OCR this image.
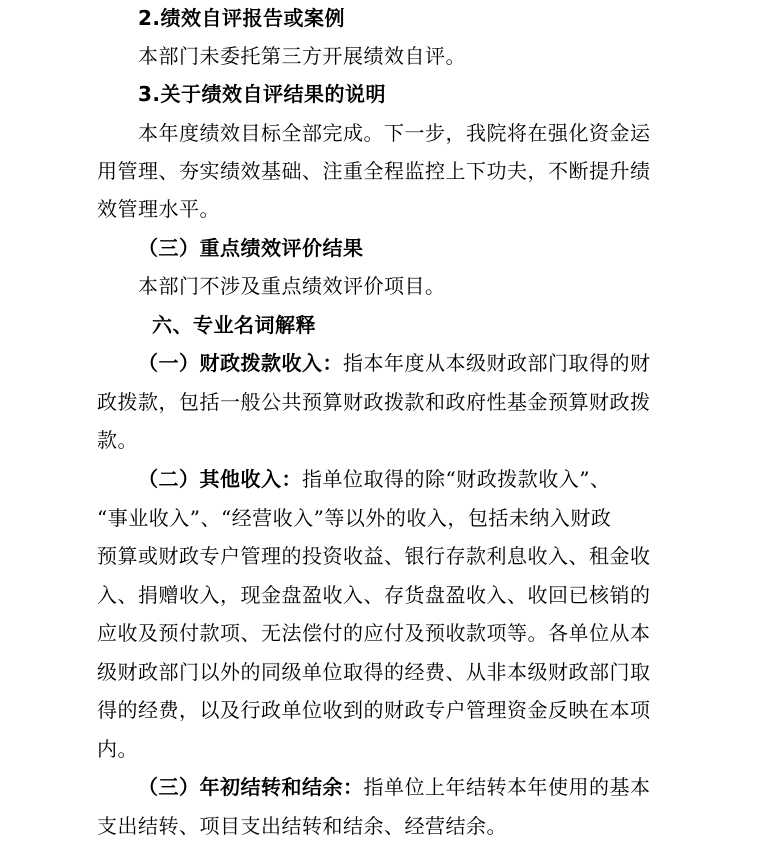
2.绩效自评报告或案例
本部门未委托第三方开展绩效自评。
3.关于绩效自评结果的说明
本年度绩效目标全部完成。下一步，我院将在强化资金运
用管理、夯实绩效基础、注重全程监控上下功夫，不断提升绩
效管理水平。
（三）重点绩效评价结果
本部门不涉及重点绩效评价项目。
六、专业名词解释
（一）财政拨款收入：指本年度从本级财政部门取得的财
政拨款，包括一般公共预算财政拨款和政府性基金预算财政拨
款。
（二）其他收入：指单位取得的除“财政拨款收入”、
“事业收入”、“经营收入”等以外的收入，包括未纳入财政
预算或财政专户管理的投资收益、银行存款利息收入、租金收
入、捐赠收入，现金盘盈收入、存货盘盈收入、收回已核销的
应收及预付款项、无法偿付的应付及预收款项等。各单位从本
级财政部门以外的同级单位取得的经费、从非本级财政部门取
得的经费，以及行政单位收到的财政专户管理资金反映在本项
内。
（三）年初结转和结余：指单位上年结转本年使用的基本
支出结转、项目支出结转和结余、经营结余。
